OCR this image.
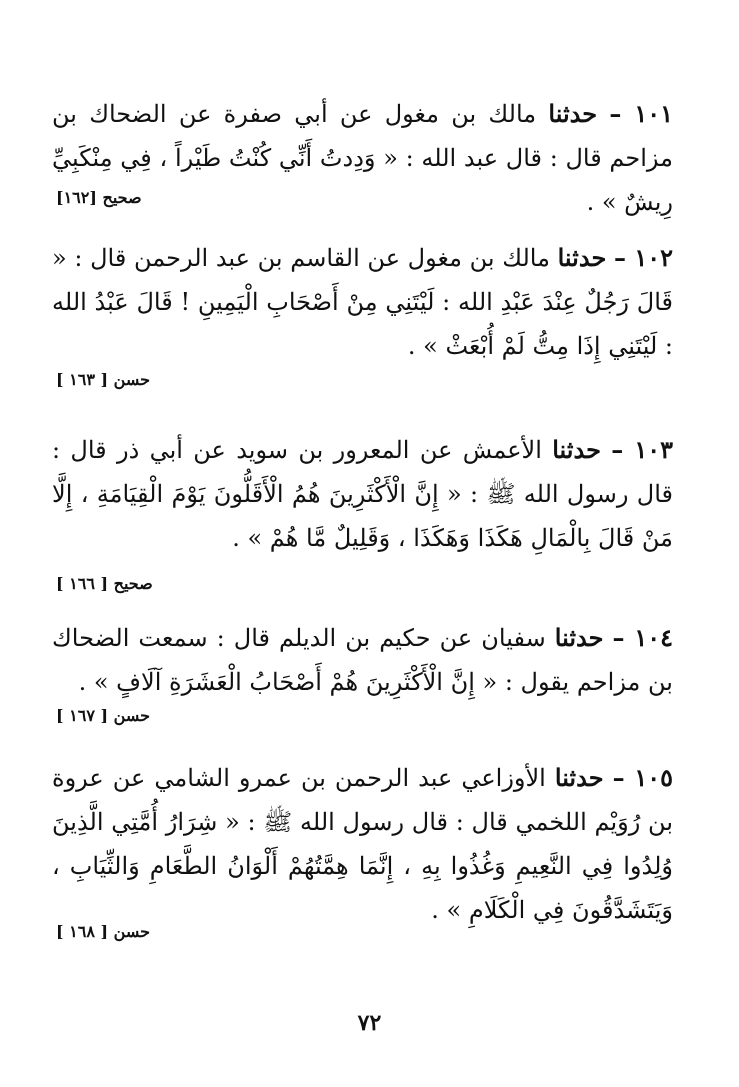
١٠١ – حدثنا مالك بن مغول عن أبي صفرة عن الضحاك بن مزاحم قال : قال عبد الله : « وَدِدتُ أَنِّي كُنْتُ طَيْراً ، فِي مِنْكَبِيِّ رِيشٌ » .

صحيح [١٦٢]

١٠٢ – حدثنا مالك بن مغول عن القاسم بن عبد الرحمن قال : « قَالَ رَجُلٌ عِنْدَ عَبْدِ الله : لَيْتَنِي مِنْ أَصْحَابِ الْيَمِينِ ! قَالَ عَبْدُ الله : لَيْتَنِي إِذَا مِتُّ لَمْ أُبْعَثْ » .

حسن [ ١٦٣ ]

١٠٣ – حدثنا الأعمش عن المعرور بن سويد عن أبي ذر قال : قال رسول الله ﷺ : « إِنَّ الْأَكْثَرِينَ هُمُ الْأَقَلُّونَ يَوْمَ الْقِيَامَةِ ، إِلَّا مَنْ قَالَ بِالْمَالِ هَكَذَا وَهَكَذَا ، وَقَلِيلٌ مَّا هُمْ » .

صحيح [ ١٦٦ ]

١٠٤ – حدثنا سفيان عن حكيم بن الديلم قال : سمعت الضحاك بن مزاحم يقول : « إِنَّ الْأَكْثَرِينَ هُمْ أَصْحَابُ الْعَشَرَةِ آلَافٍ » .

حسن [ ١٦٧ ]

١٠٥ – حدثنا الأوزاعي عبد الرحمن بن عمرو الشامي عن عروة بن رُوَيْم اللخمي قال : قال رسول الله ﷺ : « شِرَارُ أُمَّتِي الَّذِينَ وُلِدُوا فِي النَّعِيمِ وَغُذُوا بِهِ ، إِنَّمَا هِمَّتُهُمْ أَلْوَانُ الطَّعَامِ وَالثِّيَابِ ، وَيَتَشَدَّقُونَ فِي الْكَلَامِ » .

حسن [ ١٦٨ ]
٧٢
